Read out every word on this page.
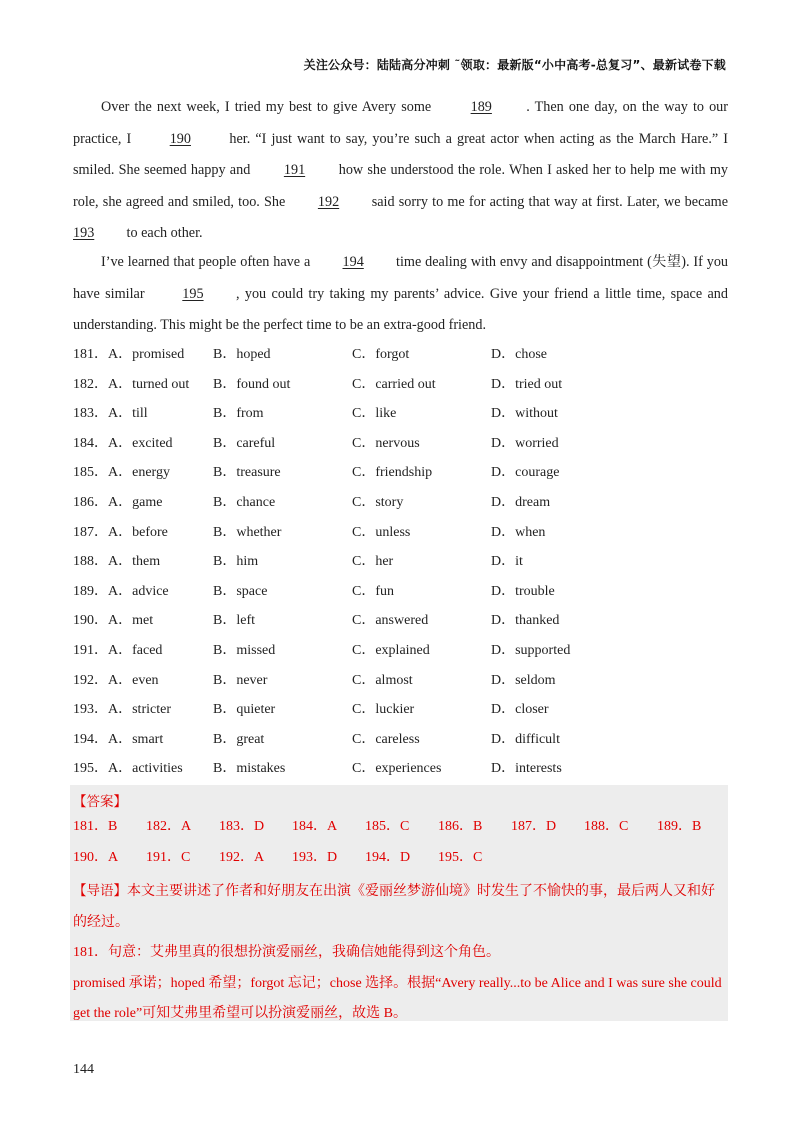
关注公众号：陆陆高分冲刺 ˜领取：最新版“小中高考-总复习”、最新试卷下载
Over the next week, I tried my best to give Avery some 189 . Then one day, on the way to our practice, I 190 her. “I just want to say, you’re such a great actor when acting as the March Hare.” I smiled. She seemed happy and 191 how she understood the role. When I asked her to help me with my role, she agreed and smiled, too. She 192 said sorry to me for acting that way at first. Later, we became 193 to each other.
I’ve learned that people often have a 194 time dealing with envy and disappointment (失望). If you have similar 195 , you could try taking my parents’ advice. Give your friend a little time, space and understanding. This might be the perfect time to be an extra-good friend.
181．A．promised B．hoped	C．forgot	D．chose
182．A．turned out B．found out	C．carried out	D．tried out
183．A．till	B．from	C．like	D．without
184．A．excited	B．careful	C．nervous	D．worried
185．A．energy	B．treasure	C．friendship	D．courage
186．A．game	B．chance	C．story	D．dream
187．A．before	B．whether	C．unless	D．when
188．A．them	B．him	C．her	D．it
189．A．advice	B．space	C．fun	D．trouble
190．A．met	B．left	C．answered	D．thanked
191．A．faced	B．missed	C．explained	D．supported
192．A．even	B．never	C．almost	D．seldom
193．A．stricter	B．quieter	C．luckier	D．closer
194．A．smart	B．great	C．careless	D．difficult
195．A．activities B．mistakes	C．experiences	D．interests
【答案】
181．B 182．A 183．D 184．A 185．C 186．B 187．D 188．C 189．B
190．A 191．C 192．A 193．D 194．D 195．C
【导语】本文主要讲述了作者和好朋友在出演《爱丽丝梦游仙境》时发生了不愉快的事，最后两人又和好的经过。
181．句意：艾弗里真的很想扮演爱丽丝，我确信她能得到这个角色。
promised 承诺；hoped 希望；forgot 忘记；chose 选择。根据“Avery really...to be Alice and I was sure she could get the role”可知艾弗里希望可以扮演爱丽丝，故选 B。
144
